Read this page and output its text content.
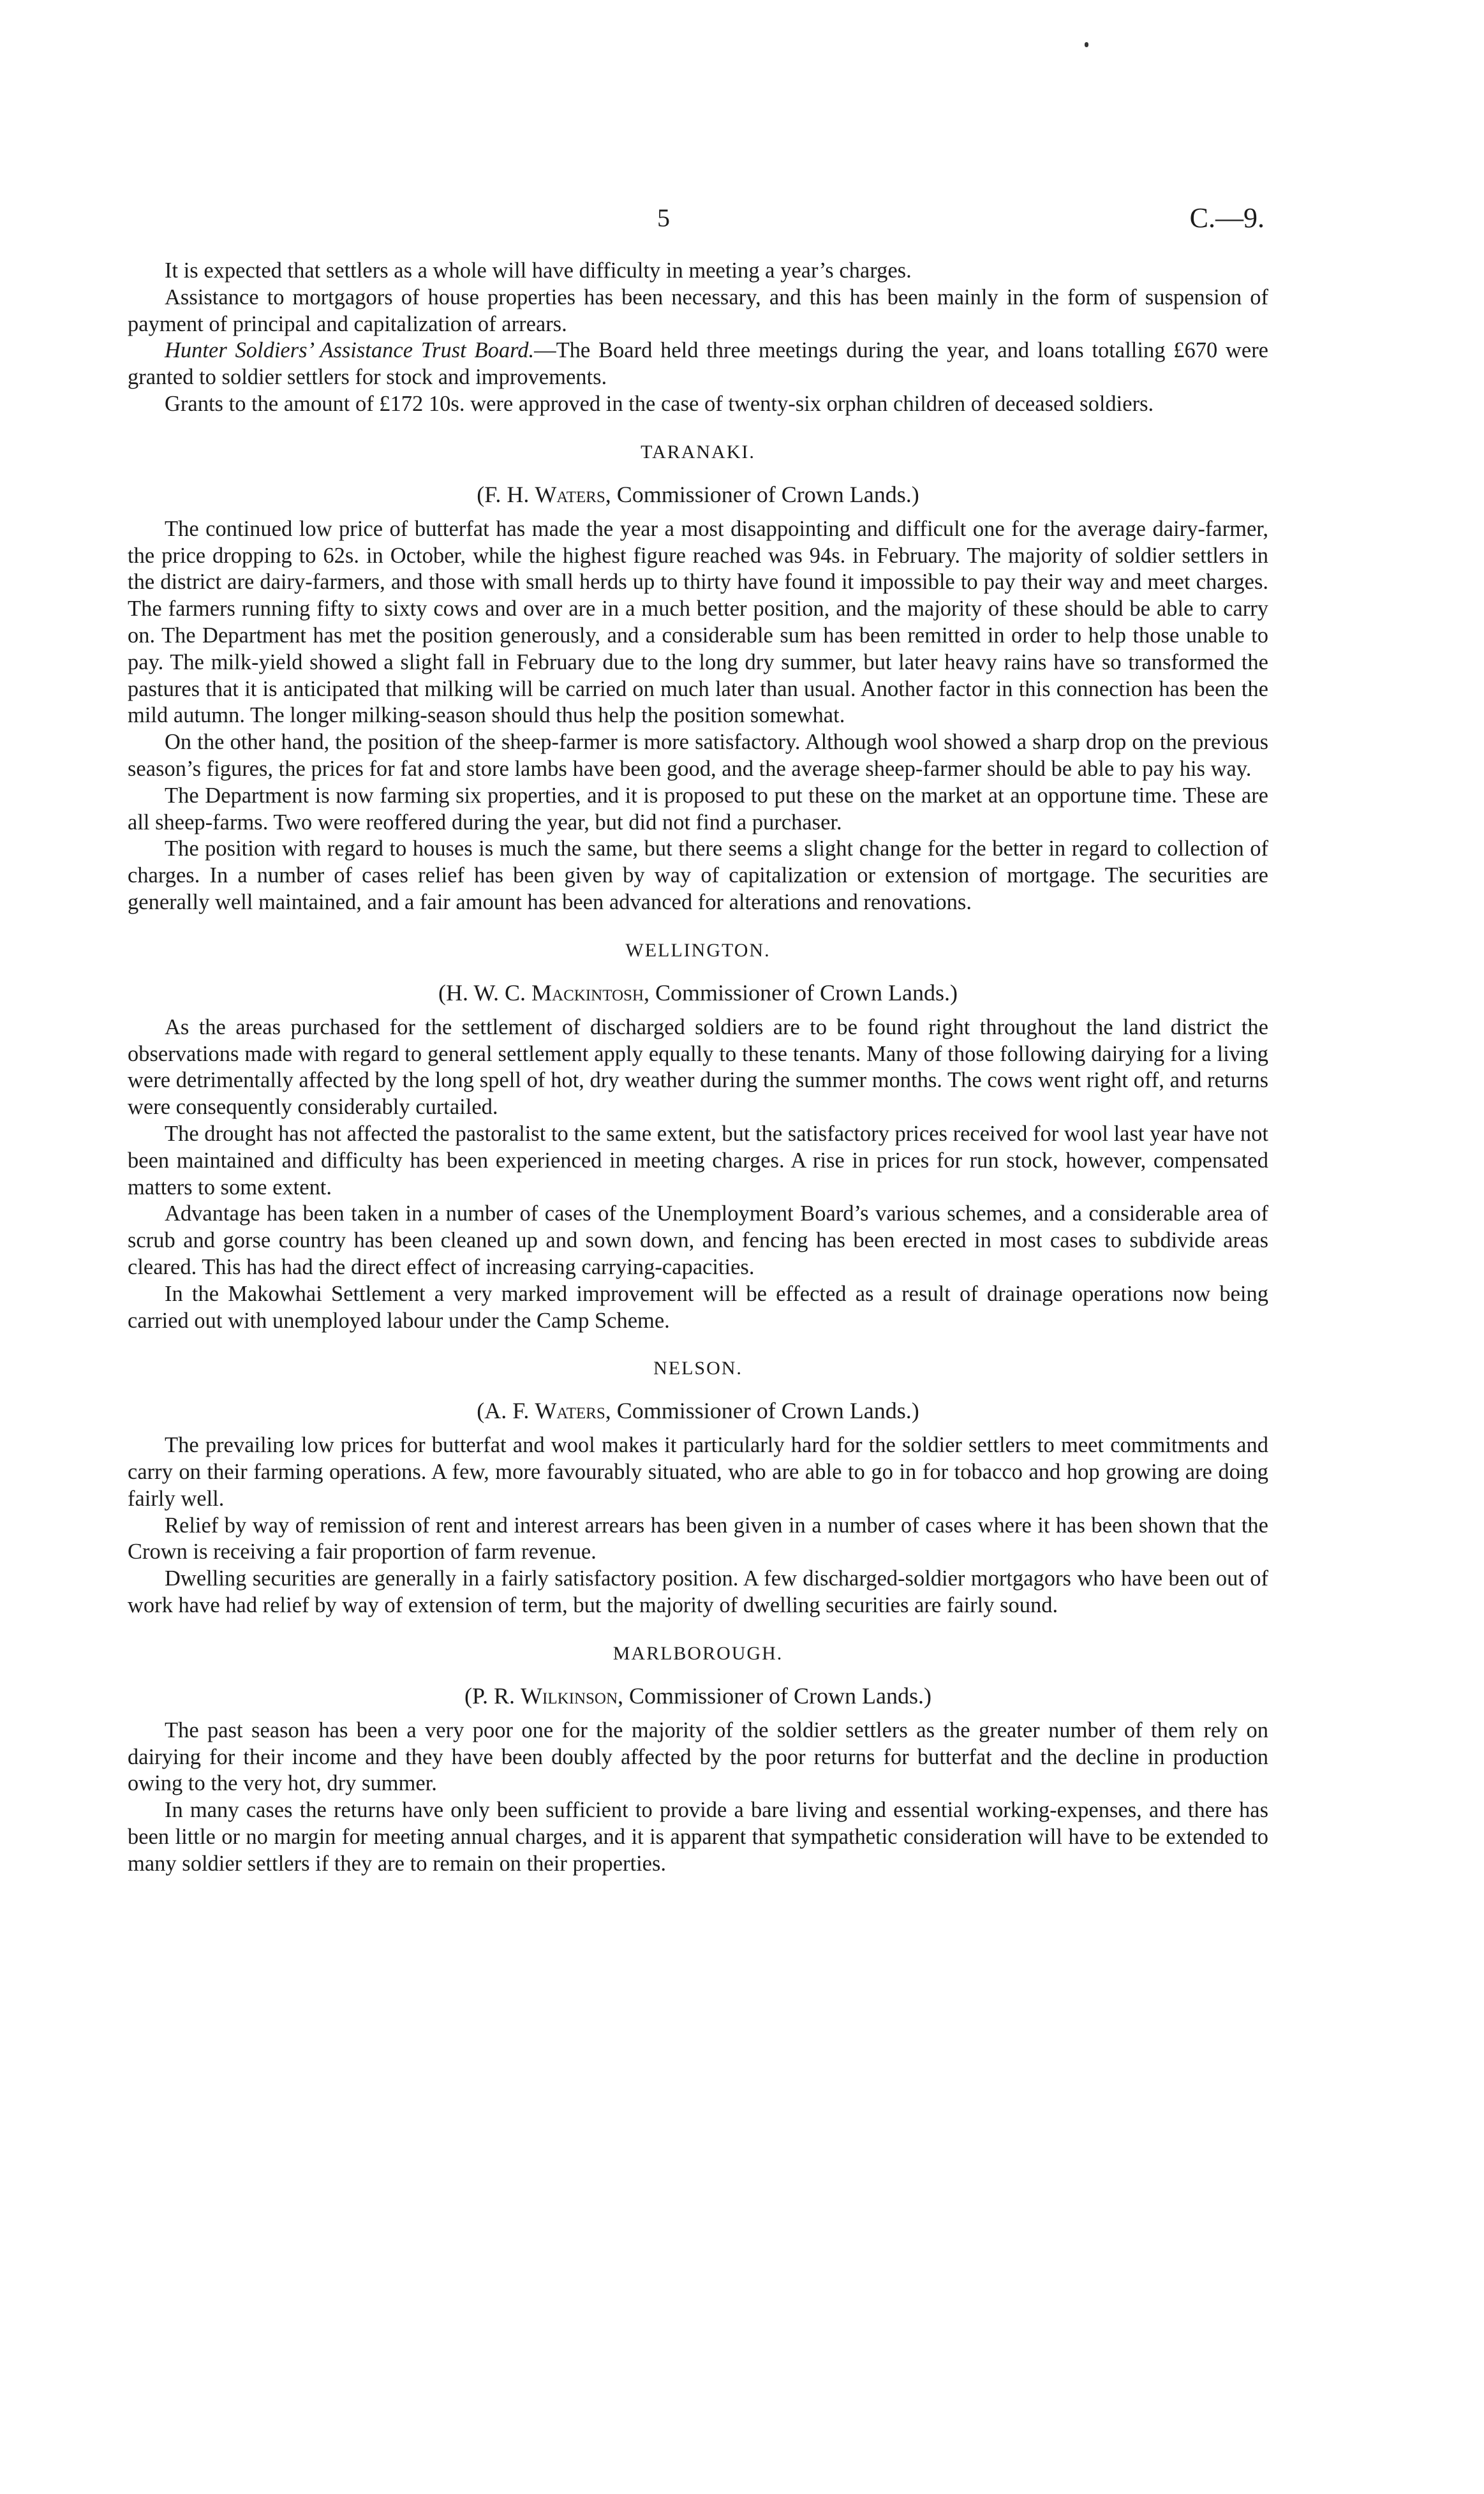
5	C.—9.

It is expected that settlers as a whole will have difficulty in meeting a year’s charges.

Assistance to mortgagors of house properties has been necessary, and this has been mainly in the form of suspension of payment of principal and capitalization of arrears.

Hunter Soldiers’ Assistance Trust Board.—The Board held three meetings during the year, and loans totalling £670 were granted to soldier settlers for stock and improvements.

Grants to the amount of £172 10s. were approved in the case of twenty-six orphan children of deceased soldiers.

TARANAKI.
(F. H. Waters, Commissioner of Crown Lands.)

The continued low price of butterfat has made the year a most disappointing and difficult one for the average dairy-farmer, the price dropping to 62s. in October, while the highest figure reached was 94s. in February. The majority of soldier settlers in the district are dairy-farmers, and those with small herds up to thirty have found it impossible to pay their way and meet charges. The farmers running fifty to sixty cows and over are in a much better position, and the majority of these should be able to carry on. The Department has met the position generously, and a considerable sum has been remitted in order to help those unable to pay. The milk-yield showed a slight fall in February due to the long dry summer, but later heavy rains have so transformed the pastures that it is anticipated that milking will be carried on much later than usual. Another factor in this connection has been the mild autumn. The longer milking-season should thus help the position somewhat.

On the other hand, the position of the sheep-farmer is more satisfactory. Although wool showed a sharp drop on the previous season’s figures, the prices for fat and store lambs have been good, and the average sheep-farmer should be able to pay his way.

The Department is now farming six properties, and it is proposed to put these on the market at an opportune time. These are all sheep-farms. Two were reoffered during the year, but did not find a purchaser.

The position with regard to houses is much the same, but there seems a slight change for the better in regard to collection of charges. In a number of cases relief has been given by way of capitalization or extension of mortgage. The securities are generally well maintained, and a fair amount has been advanced for alterations and renovations.

WELLINGTON.
(H. W. C. Mackintosh, Commissioner of Crown Lands.)

As the areas purchased for the settlement of discharged soldiers are to be found right throughout the land district the observations made with regard to general settlement apply equally to these tenants. Many of those following dairying for a living were detrimentally affected by the long spell of hot, dry weather during the summer months. The cows went right off, and returns were consequently considerably curtailed.

The drought has not affected the pastoralist to the same extent, but the satisfactory prices received for wool last year have not been maintained and difficulty has been experienced in meeting charges. A rise in prices for run stock, however, compensated matters to some extent.

Advantage has been taken in a number of cases of the Unemployment Board’s various schemes, and a considerable area of scrub and gorse country has been cleaned up and sown down, and fencing has been erected in most cases to subdivide areas cleared. This has had the direct effect of increasing carrying-capacities.

In the Makowhai Settlement a very marked improvement will be effected as a result of drainage operations now being carried out with unemployed labour under the Camp Scheme.

NELSON.
(A. F. Waters, Commissioner of Crown Lands.)

The prevailing low prices for butterfat and wool makes it particularly hard for the soldier settlers to meet commitments and carry on their farming operations. A few, more favourably situated, who are able to go in for tobacco and hop growing are doing fairly well.

Relief by way of remission of rent and interest arrears has been given in a number of cases where it has been shown that the Crown is receiving a fair proportion of farm revenue.

Dwelling securities are generally in a fairly satisfactory position. A few discharged-soldier mortgagors who have been out of work have had relief by way of extension of term, but the majority of dwelling securities are fairly sound.

MARLBOROUGH.
(P. R. Wilkinson, Commissioner of Crown Lands.)

The past season has been a very poor one for the majority of the soldier settlers as the greater number of them rely on dairying for their income and they have been doubly affected by the poor returns for butterfat and the decline in production owing to the very hot, dry summer.

In many cases the returns have only been sufficient to provide a bare living and essential working-expenses, and there has been little or no margin for meeting annual charges, and it is apparent that sympathetic consideration will have to be extended to many soldier settlers if they are to remain on their properties.
